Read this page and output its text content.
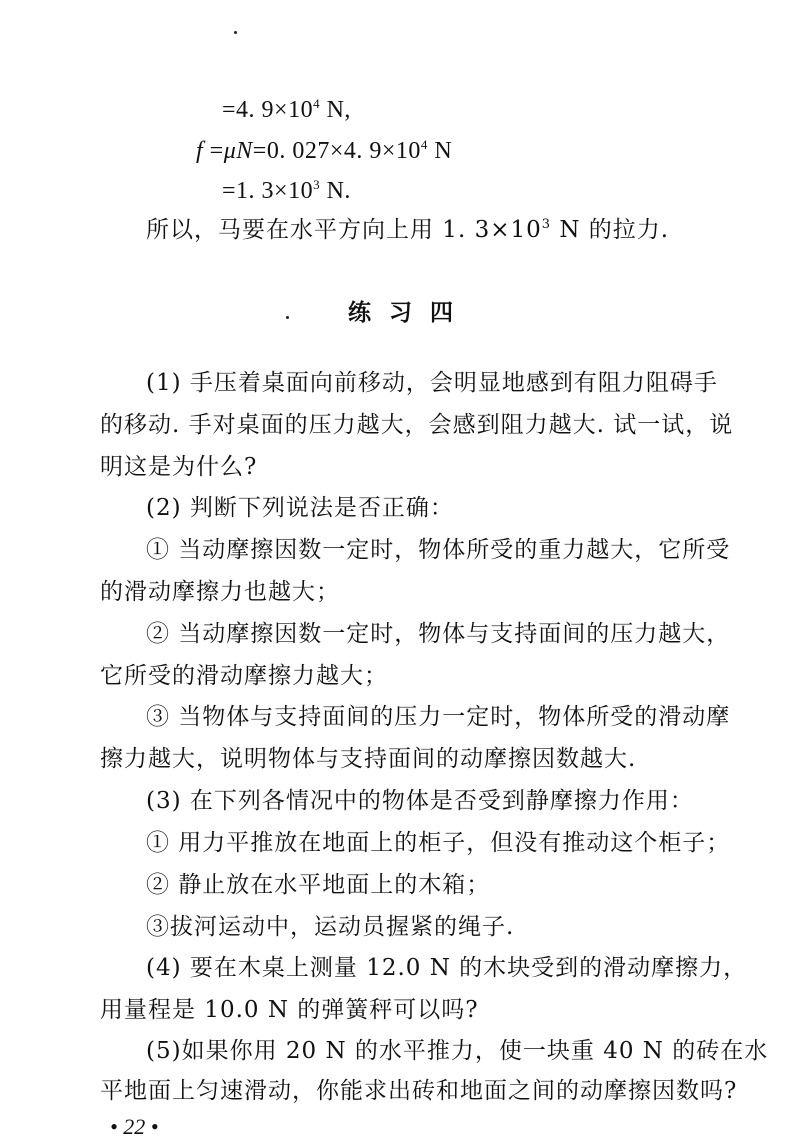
=4. $9\times 10^4$ N,
f =μN=0. 027×4. $9\times 10^4$ N
=1. $3\times 10^3$ N.
所以，马要在水平方向上用 1. $3\times 10^3$ N 的拉力.
练习四
(1) 手压着桌面向前移动，会明显地感到有阻力阻碍手
的移动. 手对桌面的压力越大，会感到阻力越大. 试一试，说
明这是为什么?
(2) 判断下列说法是否正确：
① 当动摩擦因数一定时，物体所受的重力越大，它所受
的滑动摩擦力也越大；
② 当动摩擦因数一定时，物体与支持面间的压力越大，
它所受的滑动摩擦力越大；
③ 当物体与支持面间的压力一定时，物体所受的滑动摩
擦力越大，说明物体与支持面间的动摩擦因数越大.
(3) 在下列各情况中的物体是否受到静摩擦力作用：
① 用力平推放在地面上的柜子，但没有推动这个柜子；
② 静止放在水平地面上的木箱；
③拔河运动中，运动员握紧的绳子.
(4) 要在木桌上测量 12.0 N 的木块受到的滑动摩擦力，
用量程是 10.0 N 的弹簧秤可以吗?
(5)如果你用 20 N 的水平推力，使一块重 40 N 的砖在水
平地面上匀速滑动，你能求出砖和地面之间的动摩擦因数吗?
• 22 •
